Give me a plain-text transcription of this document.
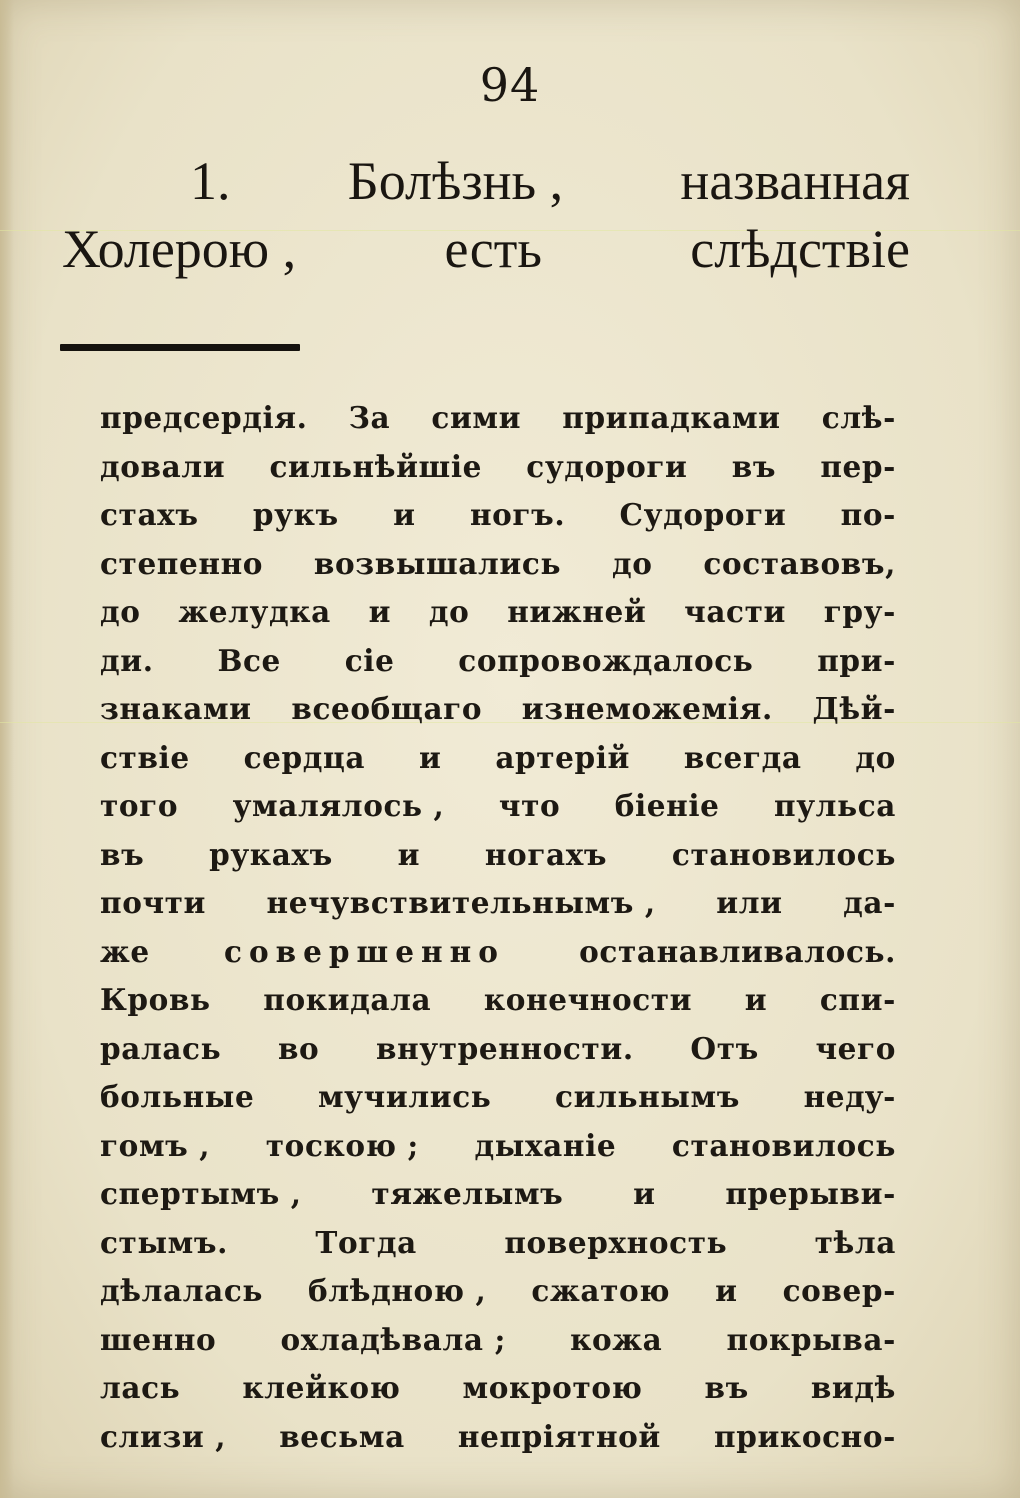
94
1. Болѣзнь , названная
Холерою ,	есть	слѣдствіе
предсердія. За сими припадками слѣ-
довали сильнѣйшіе судороги въ пер-
стахъ рукъ и ногъ. Судороги по-
степенно возвышались до составовъ,
до желудка и до нижней части гру-
ди. Все сіе сопровождалось при-
знаками всеобщаго изнеможемія. Дѣй-
ствіе сердца и артерій всегда до
того умалялось , что біеніе пульса
въ рукахъ и ногахъ становилось
почти нечувствительнымъ , или да-
же	совершенно	останавливалось.
Кровь покидала конечности и спи-
ралась во внутренности. Отъ чего
больные мучились сильнымъ недy-
гомъ , тоскою ; дыханіе становилось
спертымъ , тяжелымъ и прерыви-
стымъ.	Тогда	поверхность	тѣла
дѣлалась блѣдною , сжатою и совер-
шенно охладѣвала ; кожа покрыва-
лась клейкою мокротою въ видѣ
слизи , весьма непріятной прикосно-
